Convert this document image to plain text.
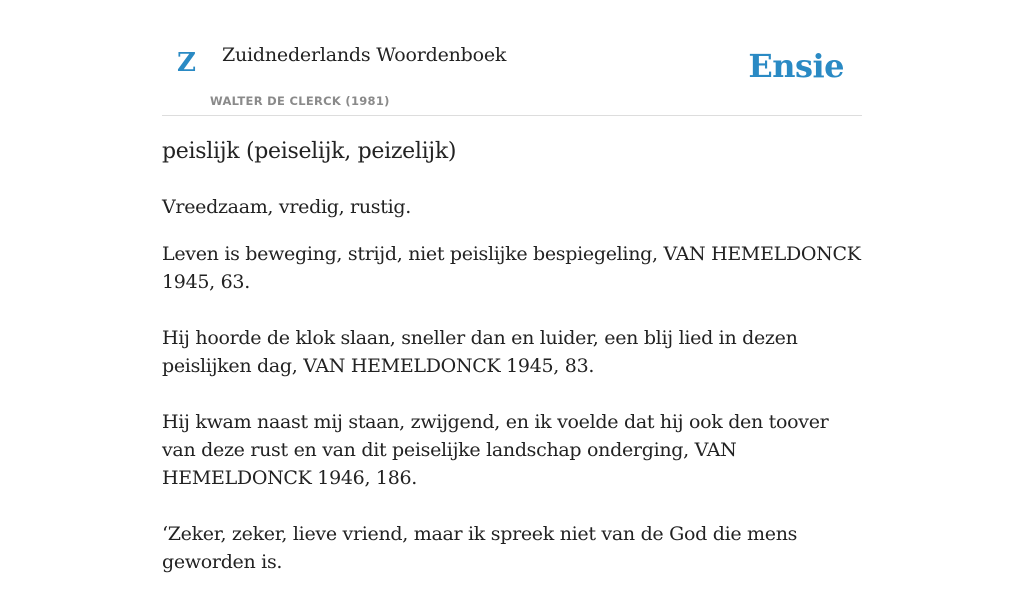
Z Zuidnederlands Woordenboek
WALTER DE CLERCK (1981)
Ensie
peislijk (peiselijk, peizelijk)

Vreedzaam, vredig, rustig.

Leven is beweging, strijd, niet peislijke bespiegeling, VAN HEMELDONCK 1945, 63.
Hij hoorde de klok slaan, sneller dan en luider, een blij lied in dezen peislijken dag, VAN HEMELDONCK 1945, 83.
Hij kwam naast mij staan, zwijgend, en ik voelde dat hij ook den toover van deze rust en van dit peiselijke landschap onderging, VAN HEMELDONCK 1946, 186.
‘Zeker, zeker, lieve vriend, maar ik spreek niet van de God die mens geworden is.
